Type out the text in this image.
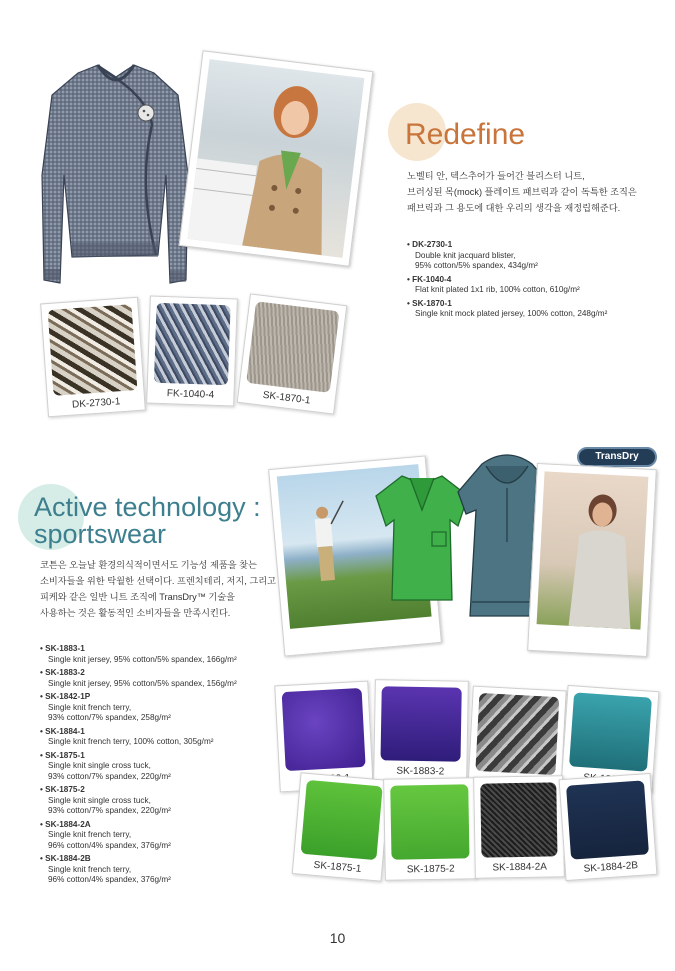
Redefine
노벨티 안, 텍스추어가 들어간 블리스터 니트,
브러싱된 목(mock) 플레이트 패브릭과 같이 독특한 조직은
패브릭과 그 용도에 대한 우리의 생각을 재정립해준다.
• DK-2730-1
Double knit jacquard blister,
95% cotton/5% spandex, 434g/m²
• FK-1040-4
Flat knit plated 1x1 rib, 100% cotton, 610g/m²
• SK-1870-1
Single knit mock plated jersey, 100% cotton, 248g/m²
DK-2730-1
FK-1040-4	SK-1870-1
TransDry
Active technology :
sportswear
코튼은 오늘날 환경의식적이면서도 기능성 제품을 찾는
소비자들을 위한 탁월한 선택이다. 프렌치테리, 저지, 그리고
피케와 같은 일반 니트 조직에 TransDry™ 기술을
사용하는 것은 활동적인 소비자들을 만족시킨다.
• SK-1883-1
Single knit jersey, 95% cotton/5% spandex, 166g/m²
• SK-1883-2
Single knit jersey, 95% cotton/5% spandex, 156g/m²
• SK-1842-1P
Single knit french terry,
93% cotton/7% spandex, 258g/m²
• SK-1884-1
Single knit french terry, 100% cotton, 305g/m²
• SK-1875-1
Single knit single cross tuck,
93% cotton/7% spandex, 220g/m²
• SK-1875-2
Single knit single cross tuck,
93% cotton/7% spandex, 220g/m²
• SK-1884-2A
Single knit french terry,
96% cotton/4% spandex, 376g/m²
• SK-1884-2B
Single knit french terry,
96% cotton/4% spandex, 376g/m²
SK-1883-2
SK-1875-1	SK-1875-2	SK-1884-2A	SK-1884-2B
10
